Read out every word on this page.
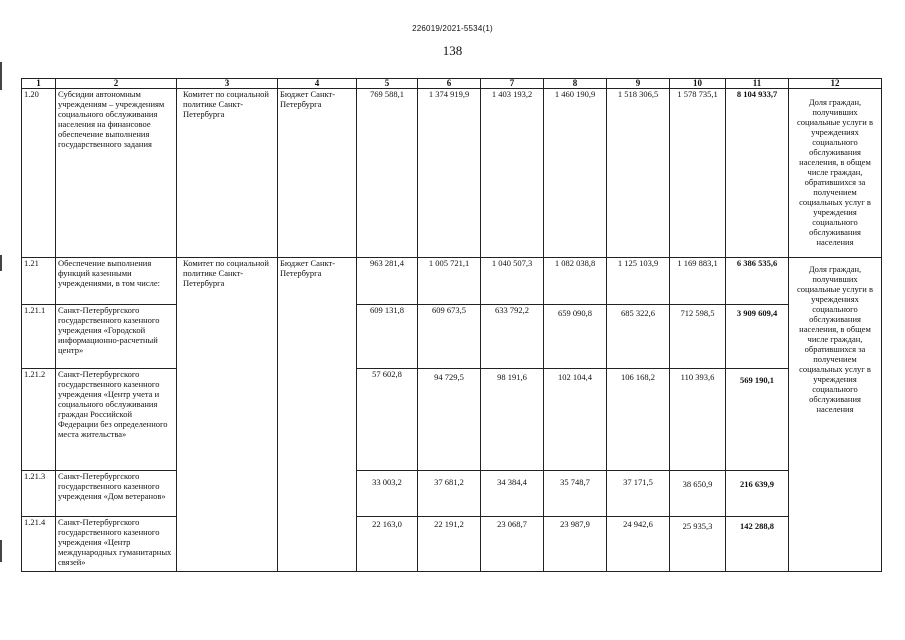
226019/2021-5534(1)
138
1	2	3	4	5	6	7	8	9	10	11	12
1.20	Субсидии автономным учреждениям – учреждениям социального обслуживания населения на финансовое обеспечение выполнения государственного задания	Комитет по социальной политике Санкт-Петербурга	Бюджет Санкт-Петербурга	769 588,1	1 374 919,9	1 403 193,2	1 460 190,9	1 518 306,5	1 578 735,1	8 104 933,7	Доля граждан, получивших социальные услуги в учреждениях социального обслуживания населения, в общем числе граждан, обратившихся за получением социальных услуг в учреждения социального обслуживания населения
1.21	Обеспечение выполнения функций казенными учреждениями, в том числе:	Комитет по социальной политике Санкт-Петербурга	Бюджет Санкт-Петербурга	963 281,4	1 005 721,1	1 040 507,3	1 082 038,8	1 125 103,9	1 169 883,1	6 386 535,6	Доля граждан, получивших социальные услуги в учреждениях социального обслуживания населения, в общем числе граждан, обратившихся за получением социальных услуг в учреждения социального обслуживания населения
1.21.1	Санкт-Петербургского государственного казенного учреждения «Городской информационно-расчетный центр»			609 131,8	609 673,5	633 792,2	659 090,8	685 322,6	712 598,5	3 909 609,4	
1.21.2	Санкт-Петербургского государственного казенного учреждения «Центр учета и социального обслуживания граждан Российской Федерации без определенного места жительства»			57 602,8	94 729,5	98 191,6	102 104,4	106 168,2	110 393,6	569 190,1	
1.21.3	Санкт-Петербургского государственного казенного учреждения «Дом ветеранов»			33 003,2	37 681,2	34 384,4	35 748,7	37 171,5	38 650,9	216 639,9	
1.21.4	Санкт-Петербургского государственного казенного учреждения «Центр международных гуманитарных связей»			22 163,0	22 191,2	23 068,7	23 987,9	24 942,6	25 935,3	142 288,8	
